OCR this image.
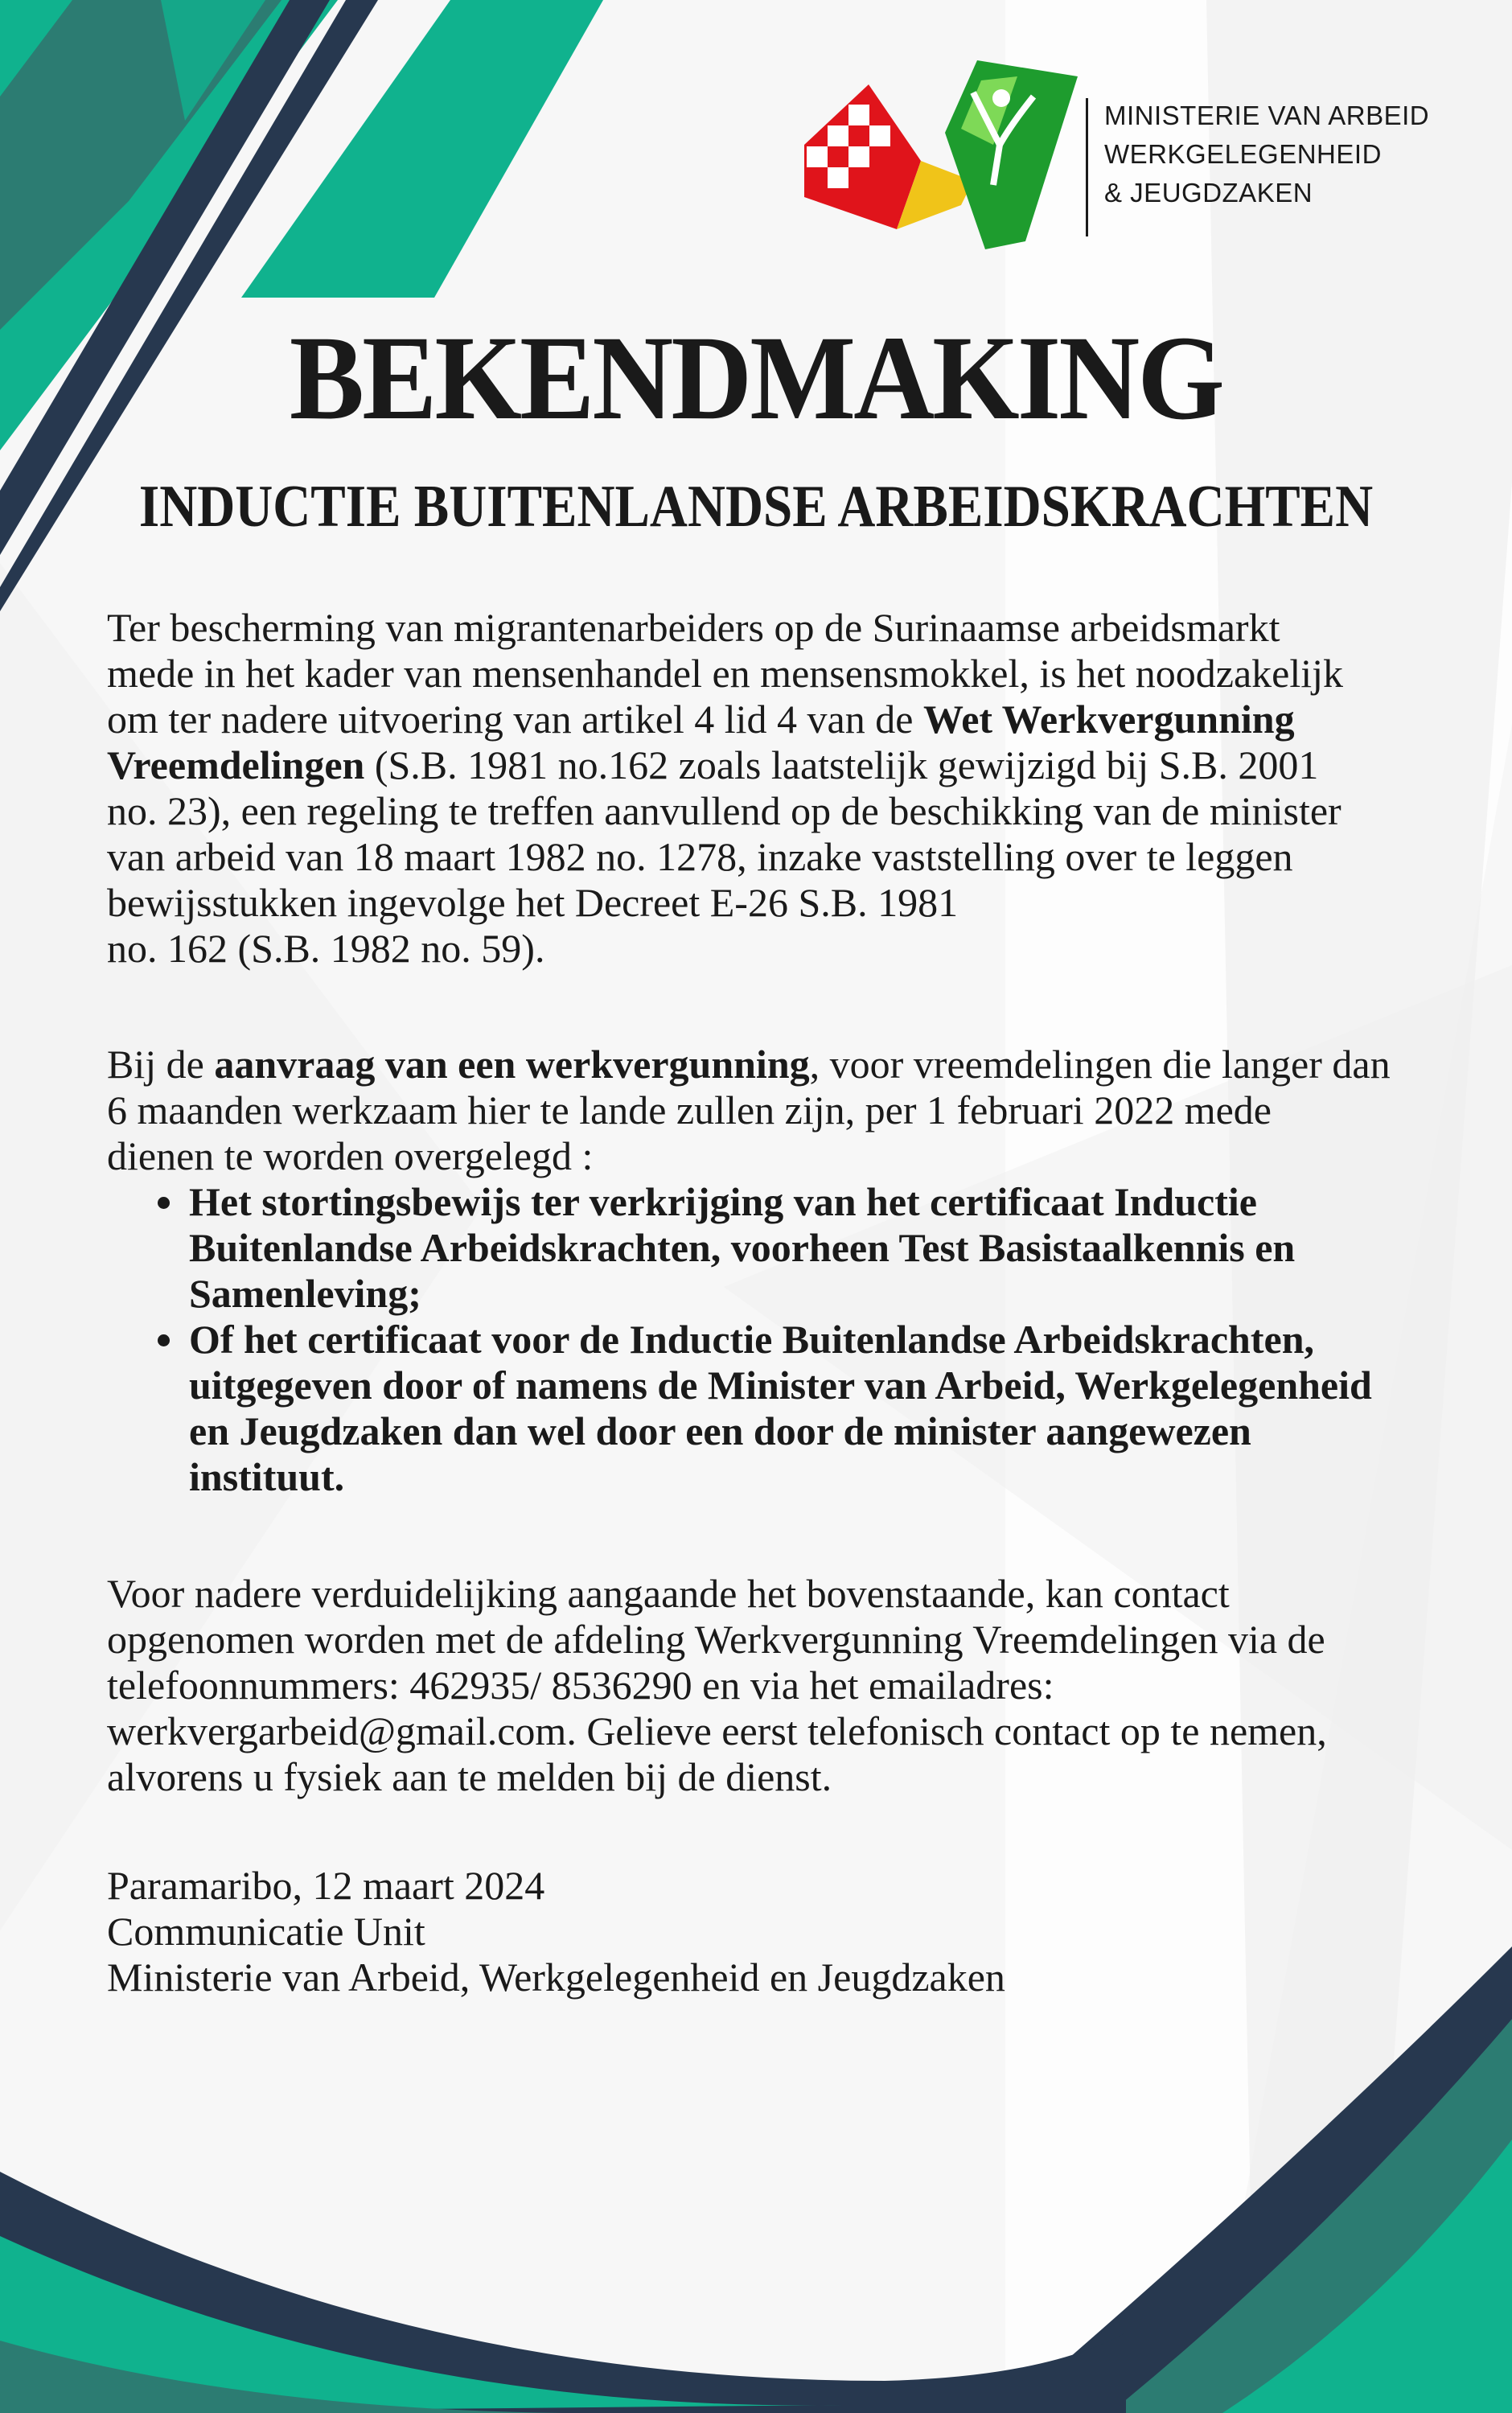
MINISTERIE VAN ARBEID
WERKGELEGENHEID
& JEUGDZAKEN
BEKENDMAKING
INDUCTIE BUITENLANDSE ARBEIDSKRACHTEN
Ter bescherming van migrantenarbeiders op de Surinaamse arbeidsmarkt
mede in het kader van mensenhandel en mensensmokkel, is het noodzakelijk
om ter nadere uitvoering van artikel 4 lid 4 van de Wet Werkvergunning
Vreemdelingen (S.B. 1981 no.162 zoals laatstelijk gewijzigd bij S.B. 2001
no. 23), een regeling te treffen aanvullend op de beschikking van de minister
van arbeid van 18 maart 1982 no. 1278, inzake vaststelling over te leggen
bewijsstukken ingevolge het Decreet E-26 S.B. 1981
no. 162 (S.B. 1982 no. 59).
Bij de aanvraag van een werkvergunning, voor vreemdelingen die langer dan
6 maanden werkzaam hier te lande zullen zijn, per 1 februari 2022 mede
dienen te worden overgelegd :
• Het stortingsbewijs ter verkrijging van het certificaat Inductie
Buitenlandse Arbeidskrachten, voorheen Test Basistaalkennis en
Samenleving;
• Of het certificaat voor de Inductie Buitenlandse Arbeidskrachten,
uitgegeven door of namens de Minister van Arbeid, Werkgelegenheid
en Jeugdzaken dan wel door een door de minister aangewezen
instituut.
Voor nadere verduidelijking aangaande het bovenstaande, kan contact
opgenomen worden met de afdeling Werkvergunning Vreemdelingen via de
telefoonnummers: 462935/ 8536290 en via het emailadres:
werkvergarbeid@gmail.com. Gelieve eerst telefonisch contact op te nemen,
alvorens u fysiek aan te melden bij de dienst.
Paramaribo, 12 maart 2024
Communicatie Unit
Ministerie van Arbeid, Werkgelegenheid en Jeugdzaken
